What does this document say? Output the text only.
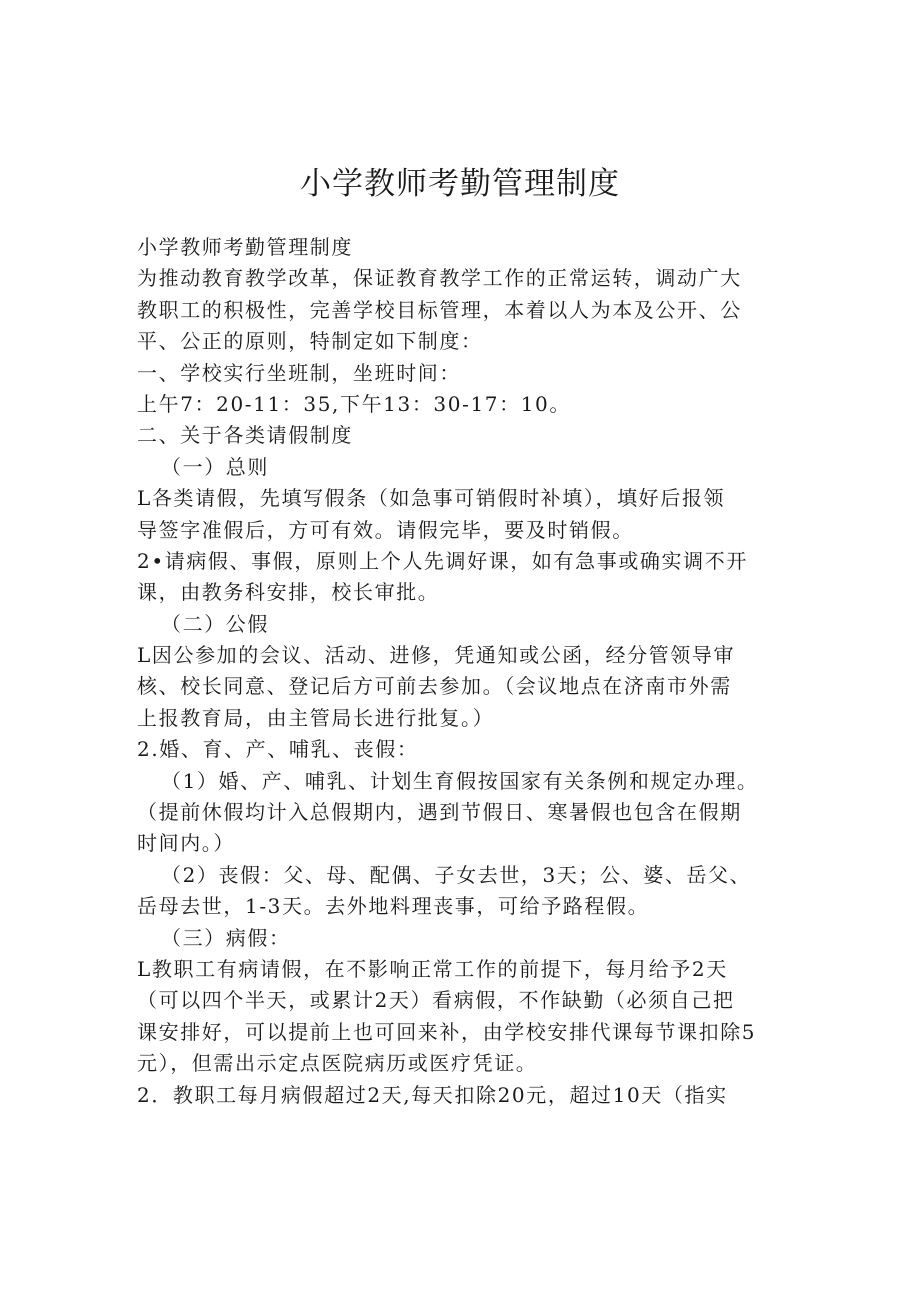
小学教师考勤管理制度
小学教师考勤管理制度
为推动教育教学改革，保证教育教学工作的正常运转，调动广大
教职工的积极性，完善学校目标管理，本着以人为本及公开、公
平、公正的原则，特制定如下制度：
一、学校实行坐班制，坐班时间：
上午7：20-11：35,下午13：30-17：10。
二、关于各类请假制度
（一）总则
L各类请假，先填写假条（如急事可销假时补填），填好后报领
导签字准假后，方可有效。请假完毕，要及时销假。
2•请病假、事假，原则上个人先调好课，如有急事或确实调不开
课，由教务科安排，校长审批。
（二）公假
L因公参加的会议、活动、进修，凭通知或公函，经分管领导审
核、校长同意、登记后方可前去参加。（会议地点在济南市外需
上报教育局，由主管局长进行批复。）
2.婚、育、产、哺乳、丧假：
（1）婚、产、哺乳、计划生育假按国家有关条例和规定办理。
（提前休假均计入总假期内，遇到节假日、寒暑假也包含在假期
时间内。）
（2）丧假：父、母、配偶、子女去世，3天；公、婆、岳父、
岳母去世，1-3天。去外地料理丧事，可给予路程假。
（三）病假：
L教职工有病请假，在不影响正常工作的前提下，每月给予2天
（可以四个半天，或累计2天）看病假，不作缺勤（必须自己把
课安排好，可以提前上也可回来补，由学校安排代课每节课扣除5
元），但需出示定点医院病历或医疗凭证。
2．教职工每月病假超过2天,每天扣除20元，超过10天（指实
